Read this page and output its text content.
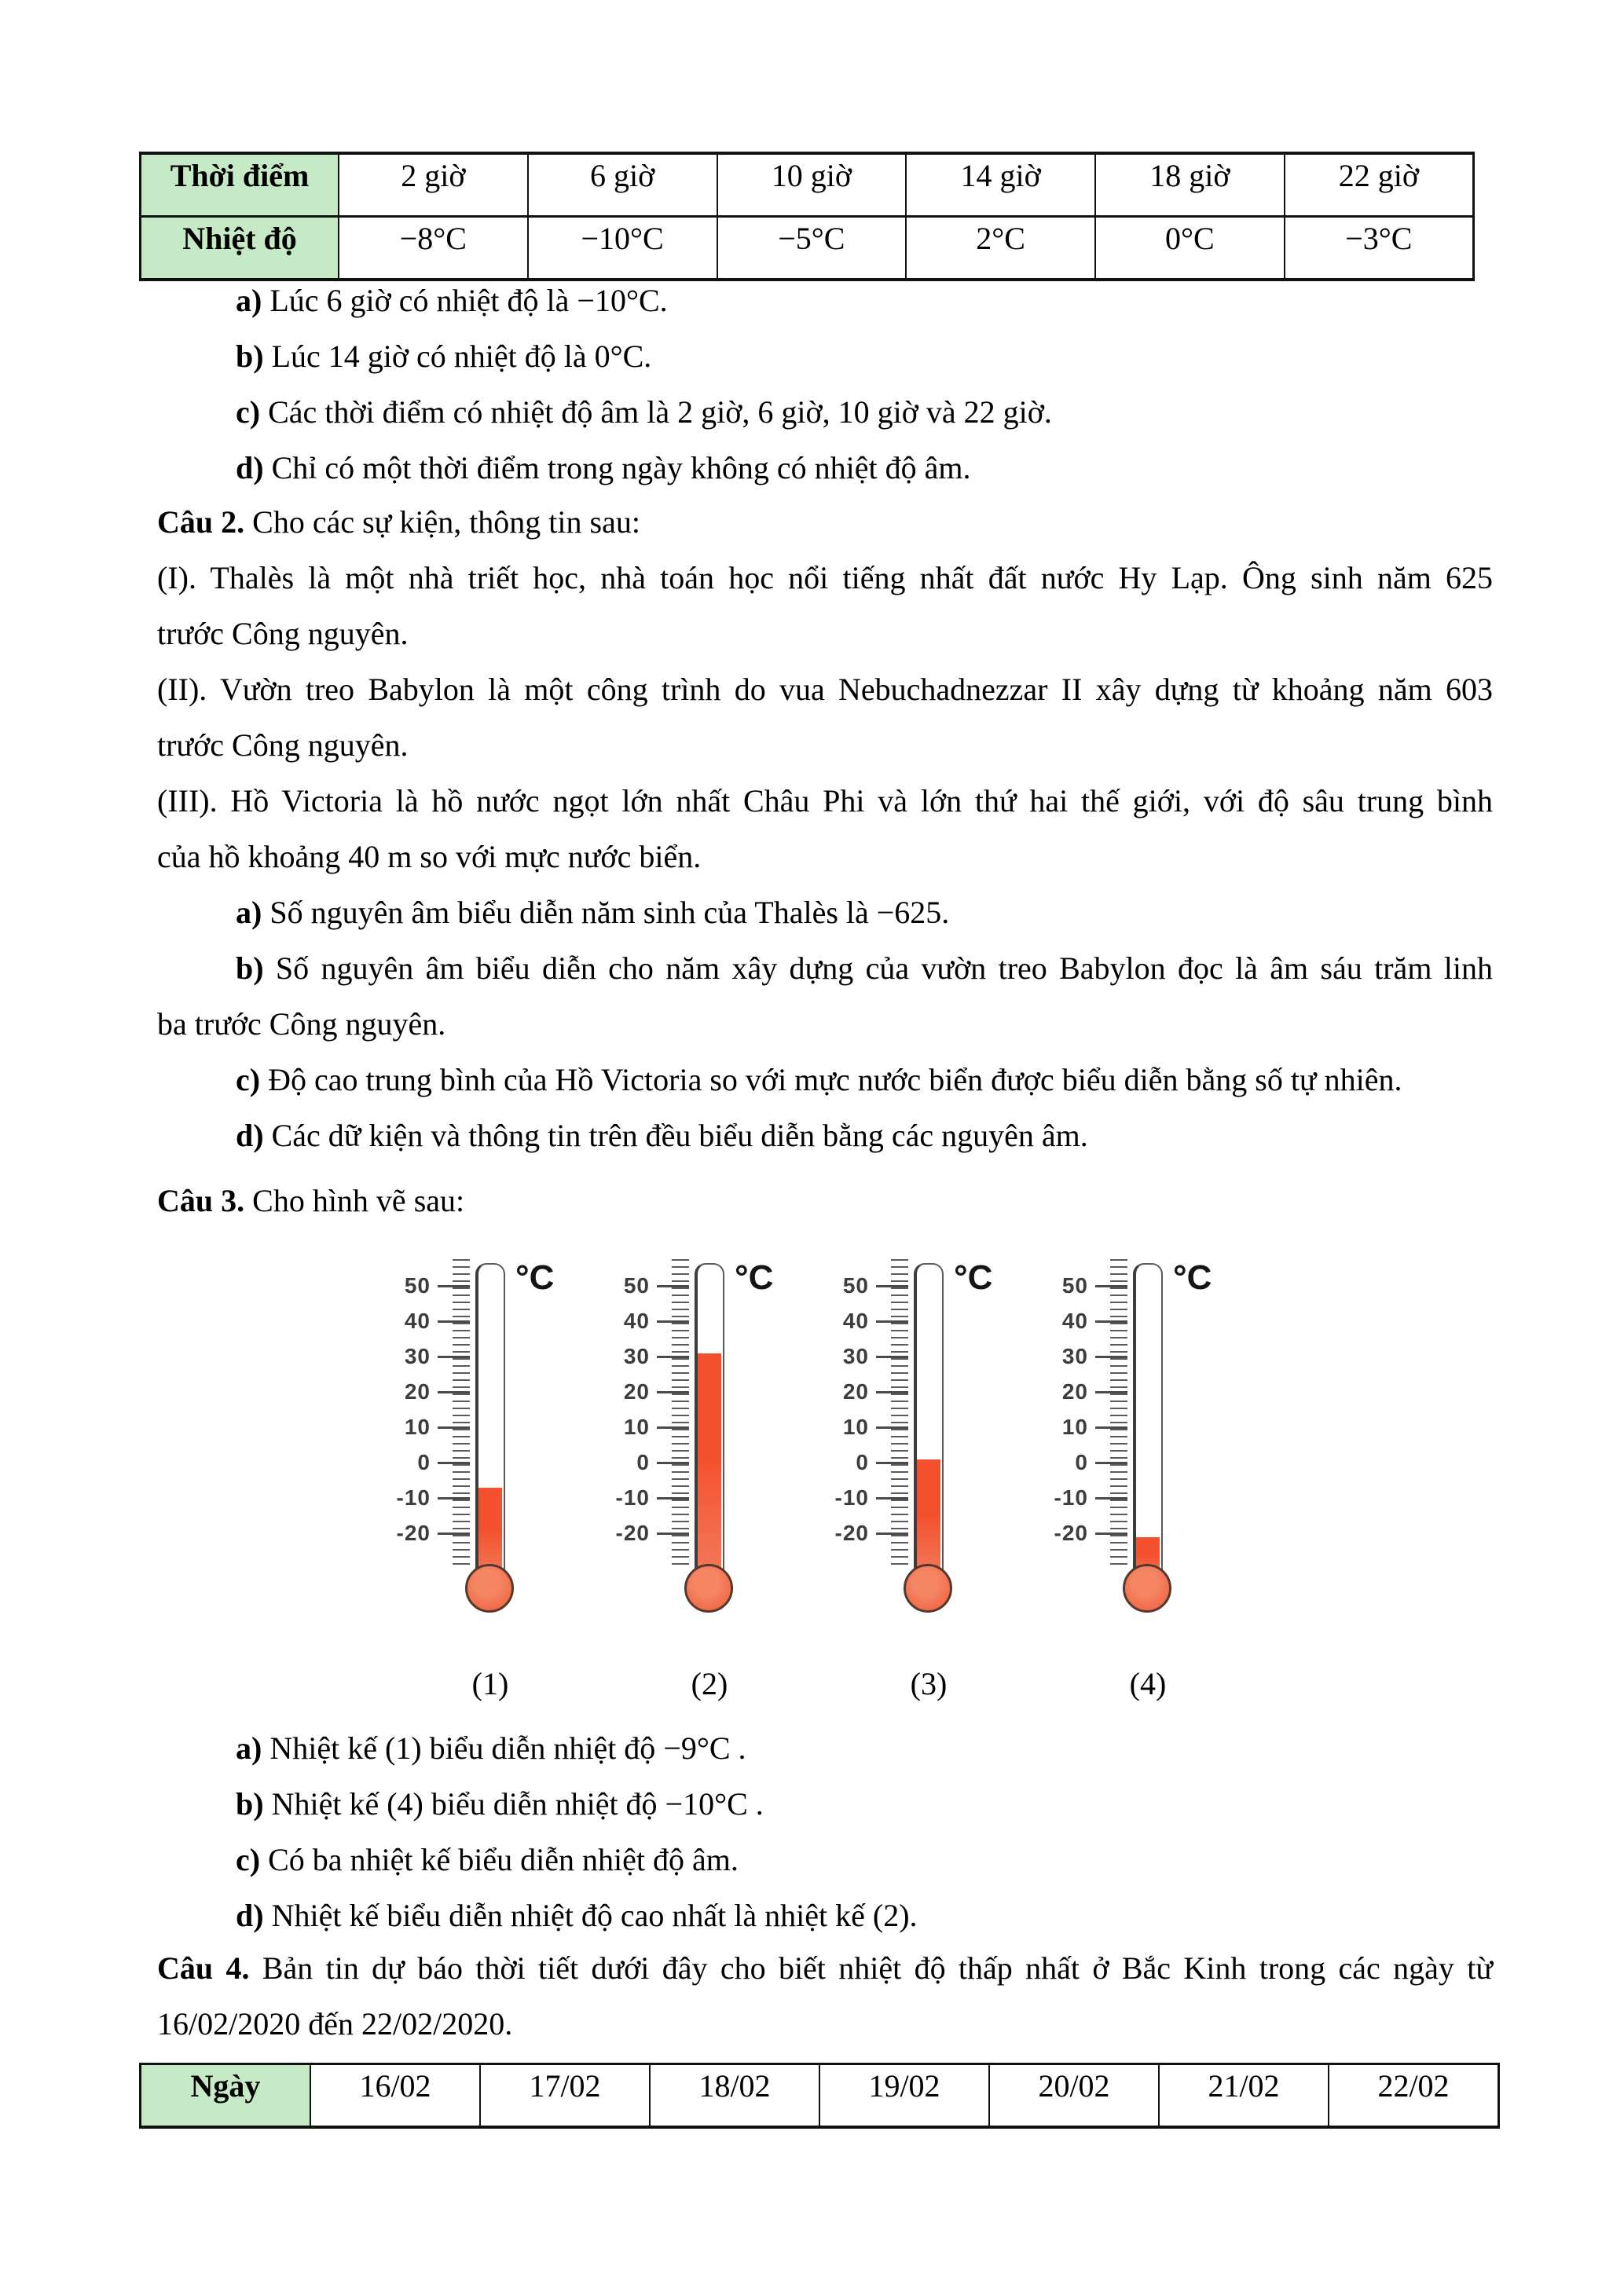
Thời điểm	2 giờ	6 giờ	10 giờ	14 giờ	18 giờ	22 giờ
Nhiệt độ	−8°C	−10°C	−5°C	2°C	0°C	−3°C
a) Lúc 6 giờ có nhiệt độ là −10°C.
b) Lúc 14 giờ có nhiệt độ là 0°C.
c) Các thời điểm có nhiệt độ âm là 2 giờ, 6 giờ, 10 giờ và 22 giờ.
d) Chỉ có một thời điểm trong ngày không có nhiệt độ âm.
Câu 2. Cho các sự kiện, thông tin sau:
(I). Thalès là một nhà triết học, nhà toán học nổi tiếng nhất đất nước Hy Lạp. Ông sinh năm 625
trước Công nguyên.
(II). Vườn treo Babylon là một công trình do vua Nebuchadnezzar II xây dựng từ khoảng năm 603
trước Công nguyên.
(III). Hồ Victoria là hồ nước ngọt lớn nhất Châu Phi và lớn thứ hai thế giới, với độ sâu trung bình
của hồ khoảng 40 m so với mực nước biển.
a) Số nguyên âm biểu diễn năm sinh của Thalès là −625.
b) Số nguyên âm biểu diễn cho năm xây dựng của vườn treo Babylon đọc là âm sáu trăm linh
ba trước Công nguyên.
c) Độ cao trung bình của Hồ Victoria so với mực nước biển được biểu diễn bằng số tự nhiên.
d) Các dữ kiện và thông tin trên đều biểu diễn bằng các nguyên âm.
Câu 3. Cho hình vẽ sau:
50
40
30
20
10
0
-10
-20
°C
(1)
50
40
30
20
10
0
-10
-20
°C
(2)
50
40
30
20
10
0
-10
-20
°C
(3)
50
40
30
20
10
0
-10
-20
°C
(4)
a) Nhiệt kế (1) biểu diễn nhiệt độ −9°C .
b) Nhiệt kế (4) biểu diễn nhiệt độ −10°C .
c) Có ba nhiệt kế biểu diễn nhiệt độ âm.
d) Nhiệt kế biểu diễn nhiệt độ cao nhất là nhiệt kế (2).
Câu 4. Bản tin dự báo thời tiết dưới đây cho biết nhiệt độ thấp nhất ở Bắc Kinh trong các ngày từ
16/02/2020 đến 22/02/2020.
Ngày	16/02	17/02	18/02	19/02	20/02	21/02	22/02
